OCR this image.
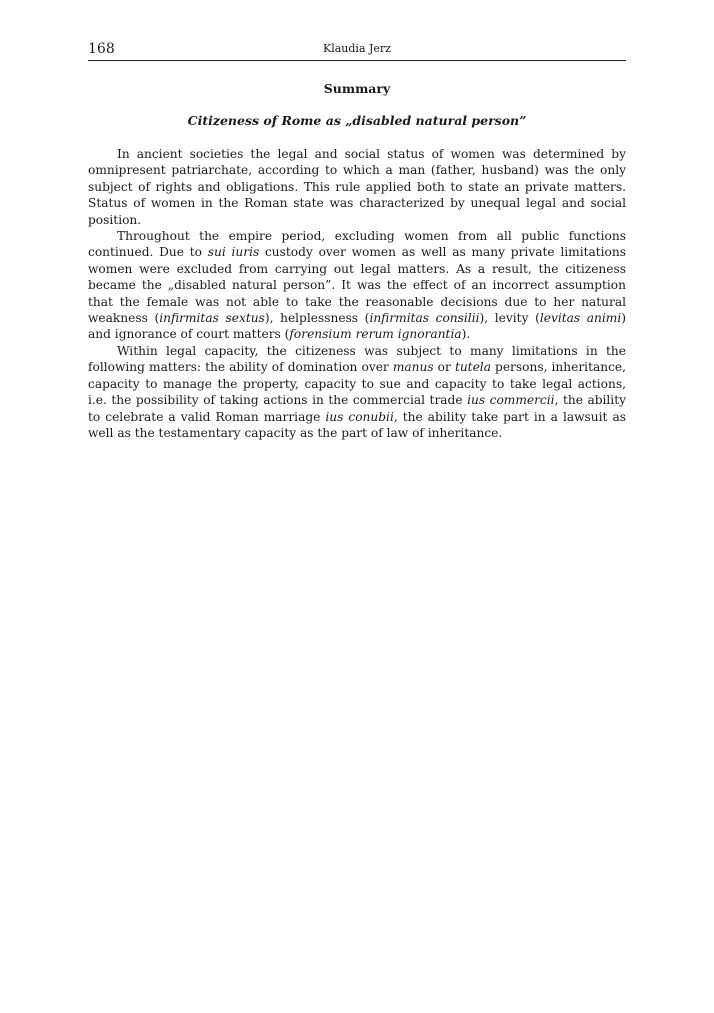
168	Klaudia Jerz
Summary
Citizeness of Rome as „disabled natural person”

In ancient societies the legal and social status of women was determined by omnipresent patriarchate, according to which a man (father, husband) was the only subject of rights and obligations. This rule applied both to state an private matters. Status of women in the Roman state was characterized by unequal legal and social position.

Throughout the empire period, excluding women from all public functions continued. Due to sui iuris custody over women as well as many private limitations women were excluded from carrying out legal matters. As a result, the citizeness became the „disabled natural person”. It was the effect of an incorrect assumption that the female was not able to take the reasonable decisions due to her natural weakness (infirmitas sextus), helplessness (infirmitas consilii), levity (levitas animi) and ignorance of court matters (forensium rerum ignorantia).

Within legal capacity, the citizeness was subject to many limitations in the following matters: the ability of domination over manus or tutela persons, inheritance, capacity to manage the property, capacity to sue and capacity to take legal actions, i.e. the possibility of taking actions in the commercial trade ius commercii, the ability to celebrate a valid Roman marriage ius conubii, the ability take part in a lawsuit as well as the testamentary capacity as the part of law of inheritance.
